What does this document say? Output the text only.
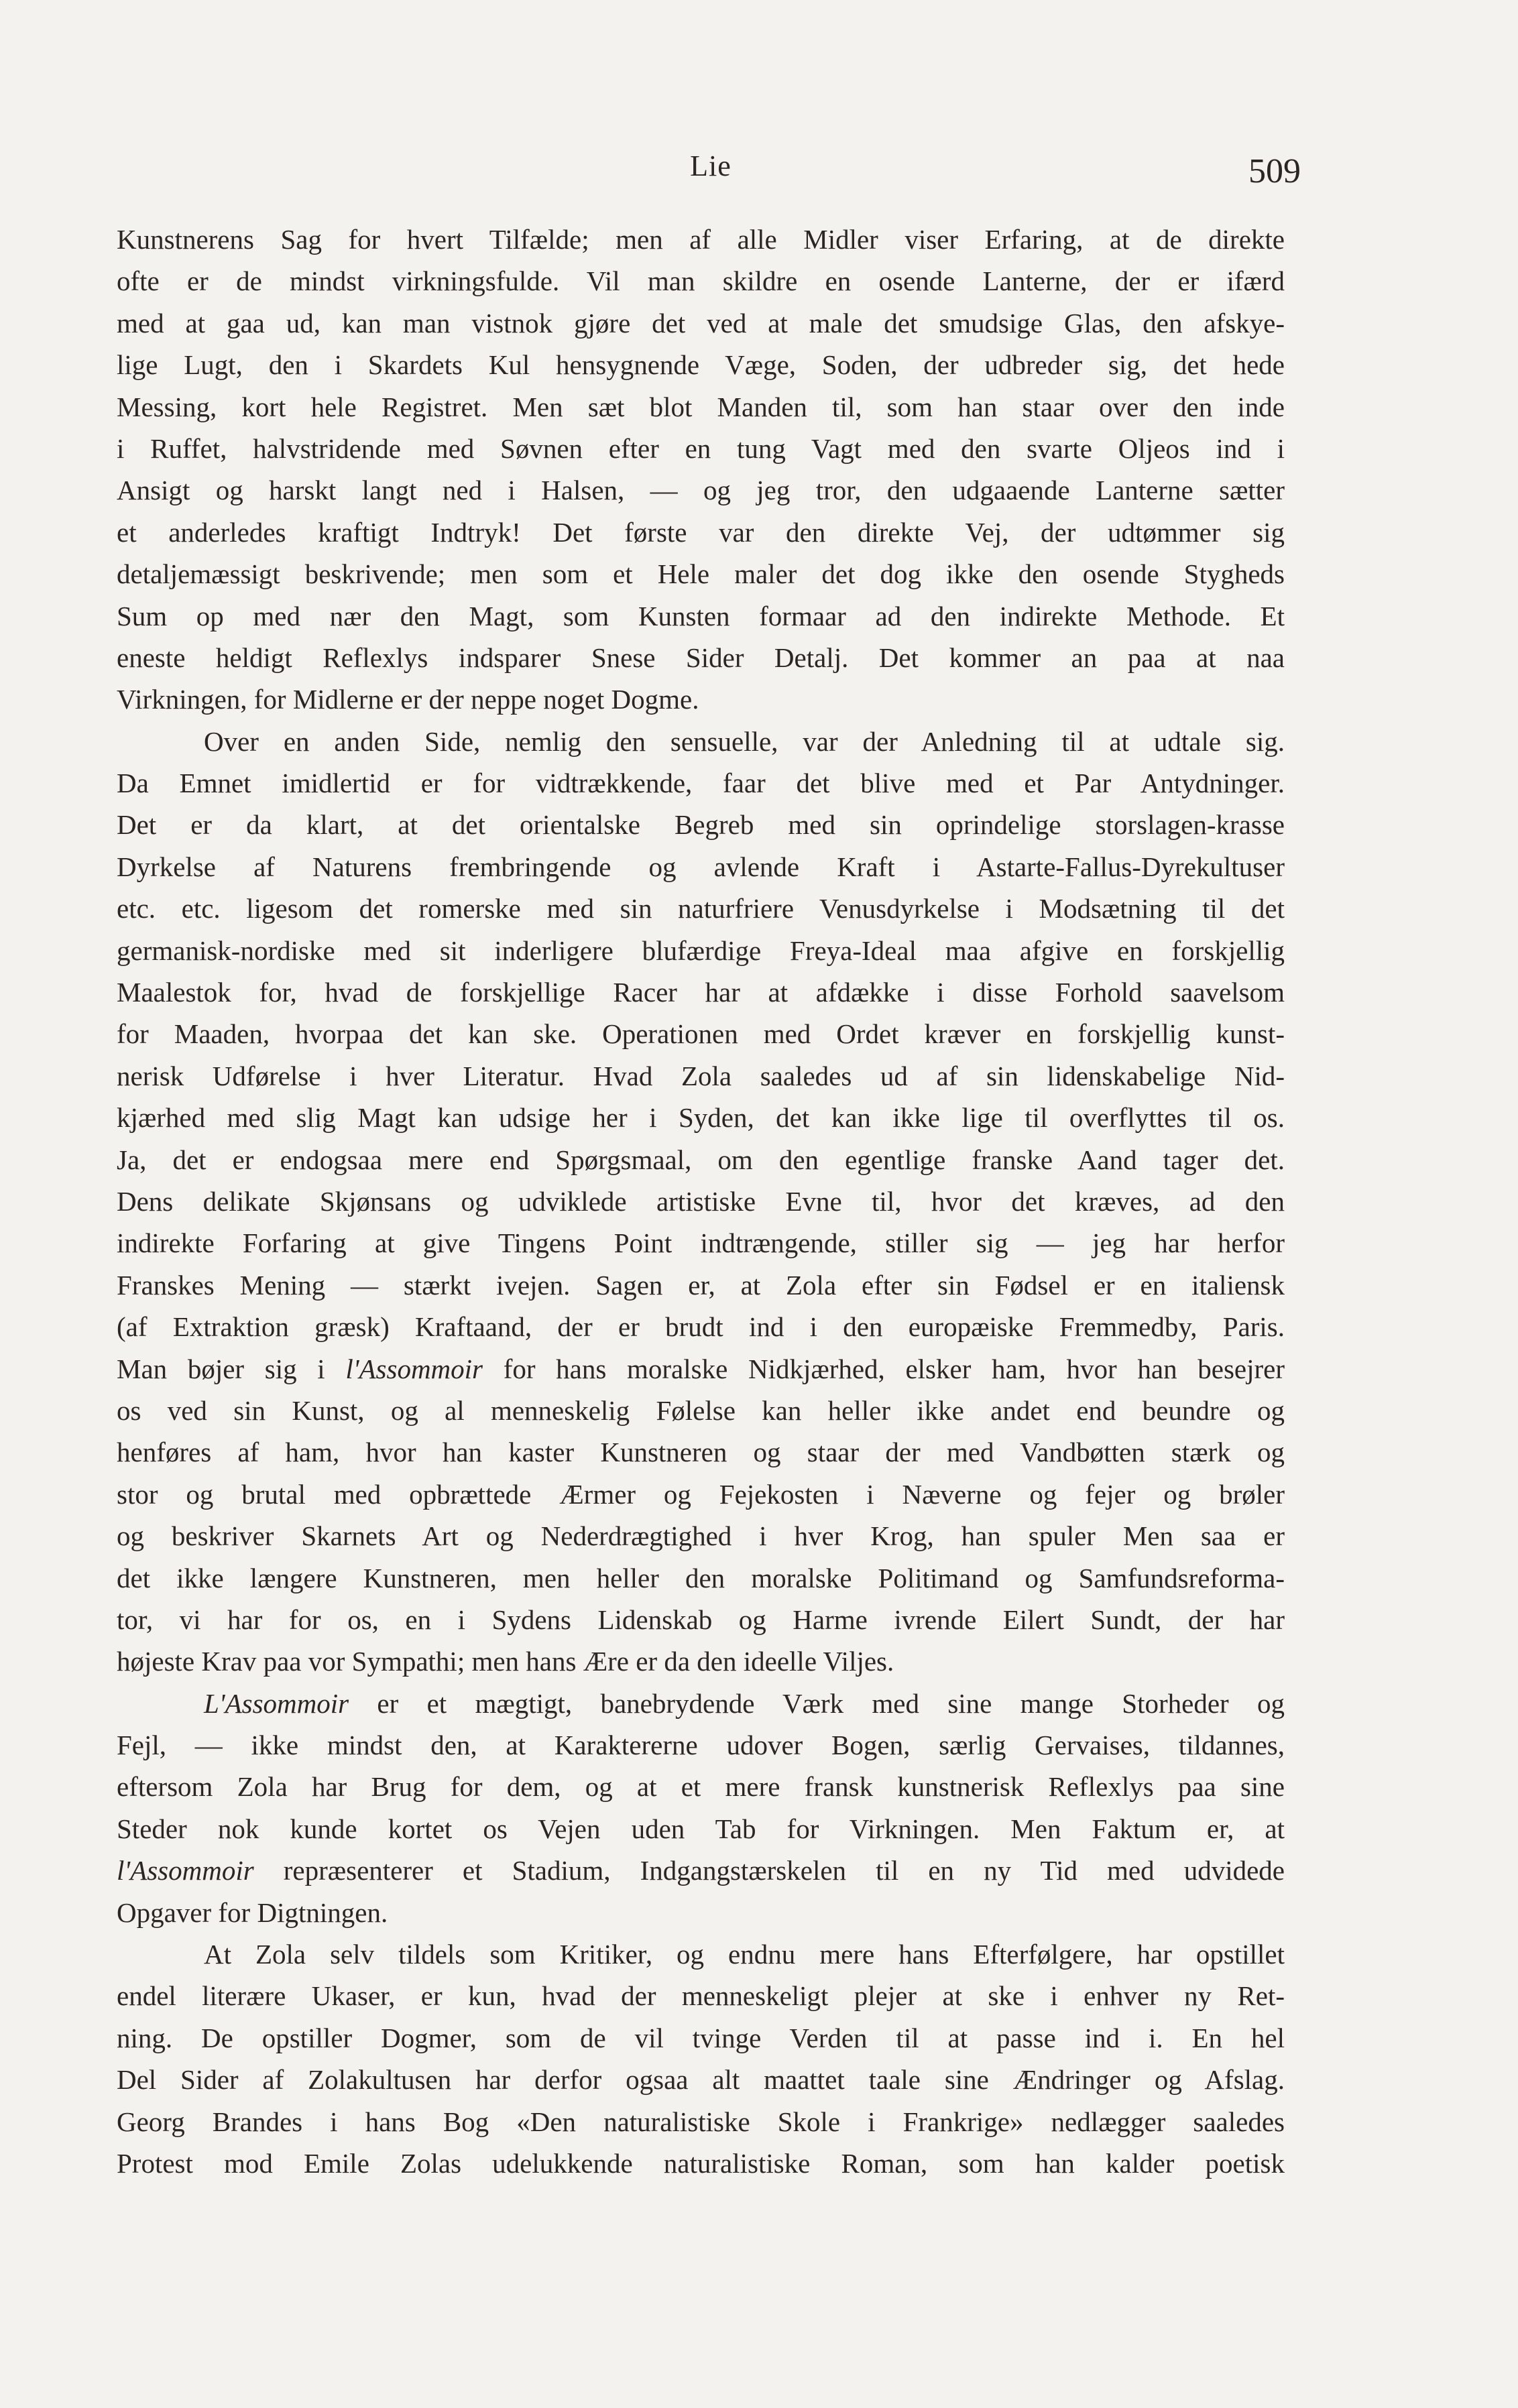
Lie	509
Kunstnerens Sag for hvert Tilfælde; men af alle Midler viser Erfaring, at de direkte
ofte er de mindst virkningsfulde. Vil man skildre en osende Lanterne, der er ifærd
med at gaa ud, kan man vistnok gjøre det ved at male det smudsige Glas, den afskye-
lige Lugt, den i Skardets Kul hensygnende Væge, Soden, der udbreder sig, det hede
Messing, kort hele Registret. Men sæt blot Manden til, som han staar over den inde
i Ruffet, halvstridende med Søvnen efter en tung Vagt med den svarte Oljeos ind i
Ansigt og harskt langt ned i Halsen, — og jeg tror, den udgaaende Lanterne sætter
et anderledes kraftigt Indtryk! Det første var den direkte Vej, der udtømmer sig
detaljemæssigt beskrivende; men som et Hele maler det dog ikke den osende Stygheds
Sum op med nær den Magt, som Kunsten formaar ad den indirekte Methode. Et
eneste heldigt Reflexlys indsparer Snese Sider Detalj. Det kommer an paa at naa
Virkningen, for Midlerne er der neppe noget Dogme.
Over en anden Side, nemlig den sensuelle, var der Anledning til at udtale sig.
Da Emnet imidlertid er for vidtrækkende, faar det blive med et Par Antydninger.
Det er da klart, at det orientalske Begreb med sin oprindelige storslagen-krasse
Dyrkelse af Naturens frembringende og avlende Kraft i Astarte-Fallus-Dyrekultuser
etc. etc. ligesom det romerske med sin naturfriere Venusdyrkelse i Modsætning til det
germanisk-nordiske med sit inderligere blufærdige Freya-Ideal maa afgive en forskjellig
Maalestok for, hvad de forskjellige Racer har at afdække i disse Forhold saavelsom
for Maaden, hvorpaa det kan ske. Operationen med Ordet kræver en forskjellig kunst-
nerisk Udførelse i hver Literatur. Hvad Zola saaledes ud af sin lidenskabelige Nid-
kjærhed med slig Magt kan udsige her i Syden, det kan ikke lige til overflyttes til os.
Ja, det er endogsaa mere end Spørgsmaal, om den egentlige franske Aand tager det.
Dens delikate Skjønsans og udviklede artistiske Evne til, hvor det kræves, ad den
indirekte Forfaring at give Tingens Point indtrængende, stiller sig — jeg har herfor
Franskes Mening — stærkt ivejen. Sagen er, at Zola efter sin Fødsel er en italiensk
(af Extraktion græsk) Kraftaand, der er brudt ind i den europæiske Fremmedby, Paris.
Man bøjer sig i l'Assommoir for hans moralske Nidkjærhed, elsker ham, hvor han besejrer
os ved sin Kunst, og al menneskelig Følelse kan heller ikke andet end beundre og
henføres af ham, hvor han kaster Kunstneren og staar der med Vandbøtten stærk og
stor og brutal med opbrættede Ærmer og Fejekosten i Næverne og fejer og brøler
og beskriver Skarnets Art og Nederdrægtighed i hver Krog, han spuler Men saa er
det ikke længere Kunstneren, men heller den moralske Politimand og Samfundsreforma-
tor, vi har for os, en i Sydens Lidenskab og Harme ivrende Eilert Sundt, der har
højeste Krav paa vor Sympathi; men hans Ære er da den ideelle Viljes.
L'Assommoir er et mægtigt, banebrydende Værk med sine mange Storheder og
Fejl, — ikke mindst den, at Karaktererne udover Bogen, særlig Gervaises, tildannes,
eftersom Zola har Brug for dem, og at et mere fransk kunstnerisk Reflexlys paa sine
Steder nok kunde kortet os Vejen uden Tab for Virkningen. Men Faktum er, at
l'Assommoir repræsenterer et Stadium, Indgangstærskelen til en ny Tid med udvidede
Opgaver for Digtningen.
At Zola selv tildels som Kritiker, og endnu mere hans Efterfølgere, har opstillet
endel literære Ukaser, er kun, hvad der menneskeligt plejer at ske i enhver ny Ret-
ning. De opstiller Dogmer, som de vil tvinge Verden til at passe ind i. En hel
Del Sider af Zolakultusen har derfor ogsaa alt maattet taale sine Ændringer og Afslag.
Georg Brandes i hans Bog «Den naturalistiske Skole i Frankrige» nedlægger saaledes
Protest mod Emile Zolas udelukkende naturalistiske Roman, som han kalder poetisk
